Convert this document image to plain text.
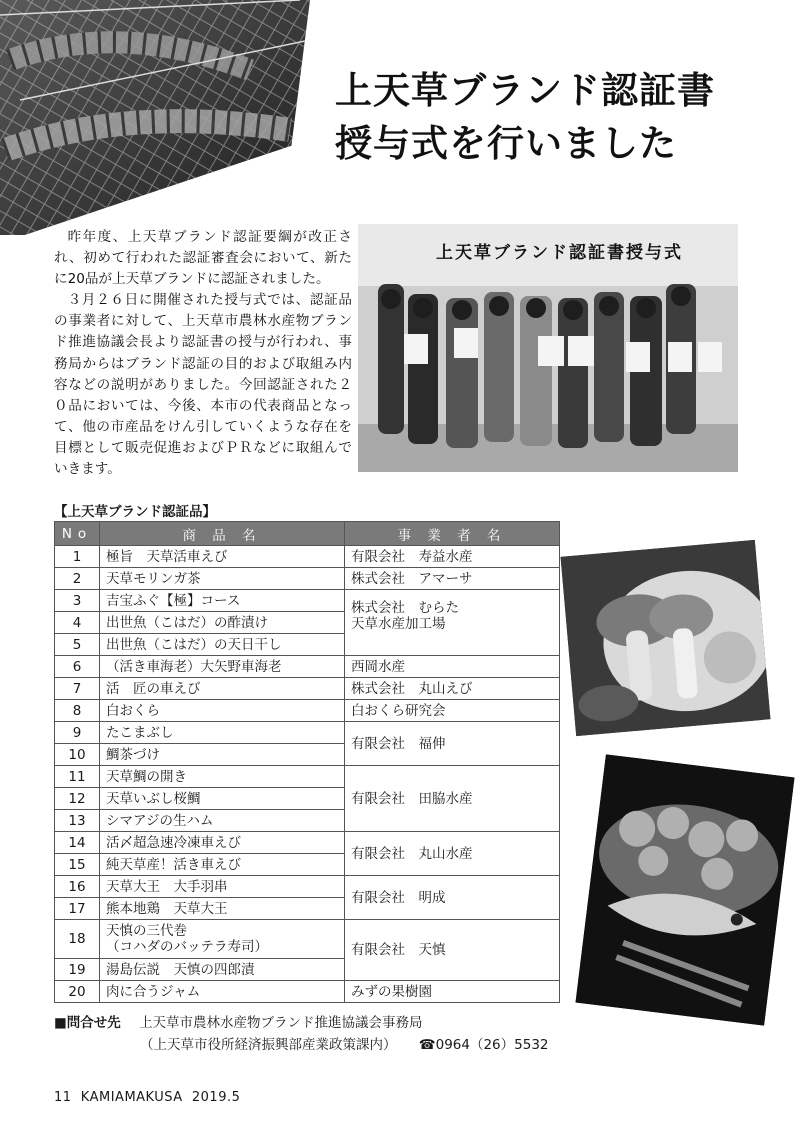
上天草ブランド認証書
授与式を行いました

昨年度、上天草ブランド認証要綱が改正され、初めて行われた認証審査会において、新たに20品が上天草ブランドに認証されました。

３月２６日に開催された授与式では、認証品の事業者に対して、上天草市農林水産物ブランド推進協議会長より認証書の授与が行われ、事務局からはブランド認証の目的および取組み内容などの説明がありました。今回認証された２０品においては、今後、本市の代表商品となって、他の市産品をけん引していくような存在を目標として販売促進およびＰＲなどに取組んでいきます。

上天草ブランド認証書授与式
【上天草ブランド認証品】
No	商 品 名	事 業 者 名
1	極旨　天草活車えび	有限会社　寿益水産
2	天草モリンガ茶	株式会社　アマーサ
3	吉宝ふぐ【極】コース	株式会社　むらた
天草水産加工場
4	出世魚（こはだ）の酢漬け	
5	出世魚（こはだ）の天日干し	
6	（活き車海老）大矢野車海老	西岡水産
7	活　匠の車えび	株式会社　丸山えび
8	白おくら	白おくら研究会
9	たこまぶし	有限会社　福伸
10	鯛茶づけ	
11	天草鯛の開き	有限会社　田脇水産
12	天草いぶし桜鯛	
13	シマアジの生ハム	
14	活〆超急速冷凍車えび	有限会社　丸山水産
15	純天草産！活き車えび	
16	天草大王　大手羽串	有限会社　明成
17	熊本地鶏　天草大王	
18	天慎の三代巻
（コハダのバッテラ寿司）	有限会社　天慎
19	湯島伝説　天慎の四郎漬	
20	肉に合うジャム	みずの果樹園
■問合せ先 上天草市農林水産物ブランド推進協議会事務局
（上天草市役所経済振興部産業政策課内） ☎0964（26）5532
11  KAMIAMAKUSA  2019.5
